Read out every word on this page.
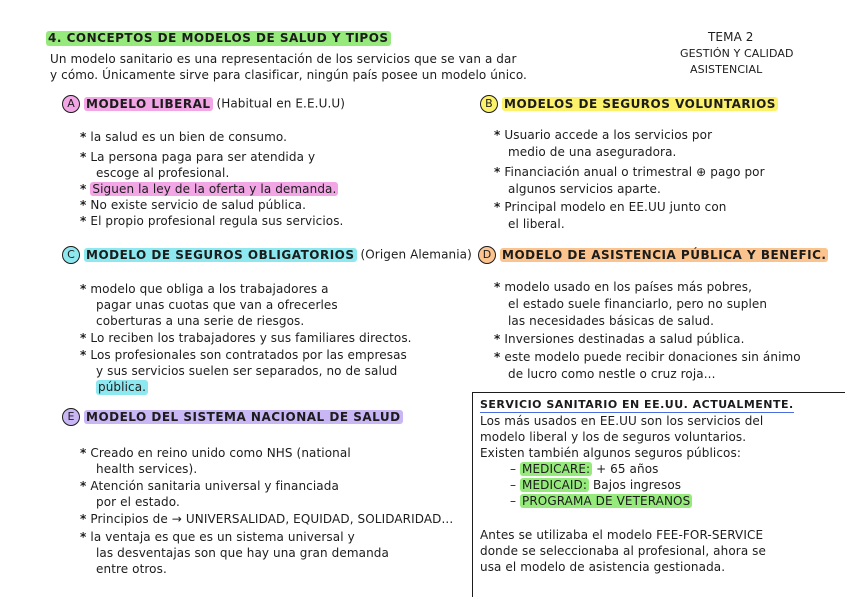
4. CONCEPTOS DE MODELOS DE SALUD Y TIPOS
Un modelo sanitario es una representación de los servicios que se van a dar
y cómo. Únicamente sirve para clasificar, ningún país posee un modelo único.
TEMA 2
GESTIÓN Y CALIDAD
ASISTENCIAL
A MODELO LIBERAL (Habitual en E.E.U.U)
* la salud es un bien de consumo.
* La persona paga para ser atendida y
escoge al profesional.
* Siguen la ley de la oferta y la demanda.
* No existe servicio de salud pública.
* El propio profesional regula sus servicios.
B MODELOS DE SEGUROS VOLUNTARIOS
* Usuario accede a los servicios por
medio de una aseguradora.
* Financiación anual o trimestral ⊕ pago por
algunos servicios aparte.
* Principal modelo en EE.UU junto con
el liberal.
C MODELO DE SEGUROS OBLIGATORIOS (Origen Alemania)
* modelo que obliga a los trabajadores a
pagar unas cuotas que van a ofrecerles
coberturas a una serie de riesgos.
* Lo reciben los trabajadores y sus familiares directos.
* Los profesionales son contratados por las empresas
y sus servicios suelen ser separados, no de salud
pública.
D MODELO DE ASISTENCIA PÚBLICA Y BENEFIC.
* modelo usado en los países más pobres,
el estado suele financiarlo, pero no suplen
las necesidades básicas de salud.
* Inversiones destinadas a salud pública.
* este modelo puede recibir donaciones sin ánimo
de lucro como nestle o cruz roja...
E MODELO DEL SISTEMA NACIONAL DE SALUD
* Creado en reino unido como NHS (national
health services).
* Atención sanitaria universal y financiada
por el estado.
* Principios de → UNIVERSALIDAD, EQUIDAD, SOLIDARIDAD...
* la ventaja es que es un sistema universal y
las desventajas son que hay una gran demanda
entre otros.
SERVICIO SANITARIO EN EE.UU. ACTUALMENTE.
Los más usados en EE.UU son los servicios del
modelo liberal y los de seguros voluntarios.
Existen también algunos seguros públicos:
– MEDICARE: + 65 años
– MEDICAID: Bajos ingresos
– PROGRAMA DE VETERANOS
Antes se utilizaba el modelo FEE-FOR-SERVICE
donde se seleccionaba al profesional, ahora se
usa el modelo de asistencia gestionada.
